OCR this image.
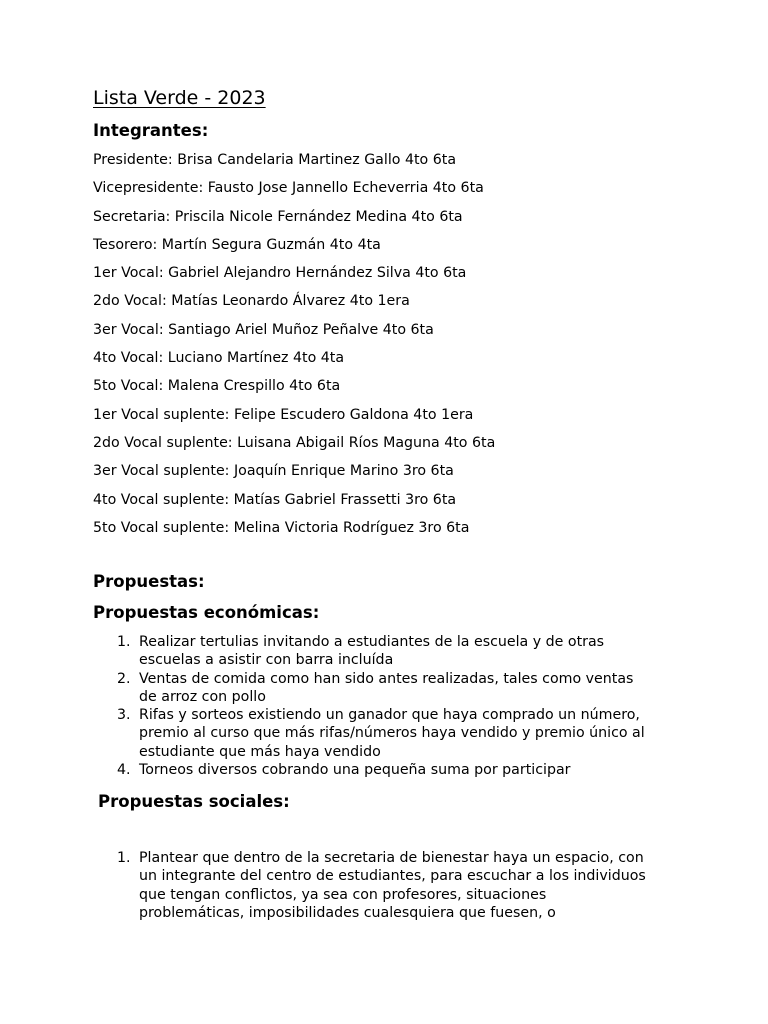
Lista Verde - 2023
Integrantes:
Presidente: Brisa Candelaria Martinez Gallo 4to 6ta
Vicepresidente: Fausto Jose Jannello Echeverria 4to 6ta
Secretaria: Priscila Nicole Fernández Medina 4to 6ta
Tesorero: Martín Segura Guzmán 4to 4ta
1er Vocal: Gabriel Alejandro Hernández Silva 4to 6ta
2do Vocal: Matías Leonardo Álvarez 4to 1era
3er Vocal: Santiago Ariel Muñoz Peñalve 4to 6ta
4to Vocal: Luciano Martínez 4to 4ta
5to Vocal: Malena Crespillo 4to 6ta
1er Vocal suplente: Felipe Escudero Galdona 4to 1era
2do Vocal suplente: Luisana Abigail Ríos Maguna 4to 6ta
3er Vocal suplente: Joaquín Enrique Marino 3ro 6ta
4to Vocal suplente: Matías Gabriel Frassetti 3ro 6ta
5to Vocal suplente: Melina Victoria Rodríguez 3ro 6ta
Propuestas:
Propuestas económicas:
1. Realizar tertulias invitando a estudiantes de la escuela y de otras escuelas a asistir con barra incluída
2. Ventas de comida como han sido antes realizadas, tales como ventas de arroz con pollo
3. Rifas y sorteos existiendo un ganador que haya comprado un número, premio al curso que más rifas/números haya vendido y premio único al estudiante que más haya vendido
4. Torneos diversos cobrando una pequeña suma por participar
Propuestas sociales:
1. Plantear que dentro de la secretaria de bienestar haya un espacio, con un integrante del centro de estudiantes, para escuchar a los individuos que tengan conflictos, ya sea con profesores, situaciones problemáticas, imposibilidades cualesquiera que fuesen, o
